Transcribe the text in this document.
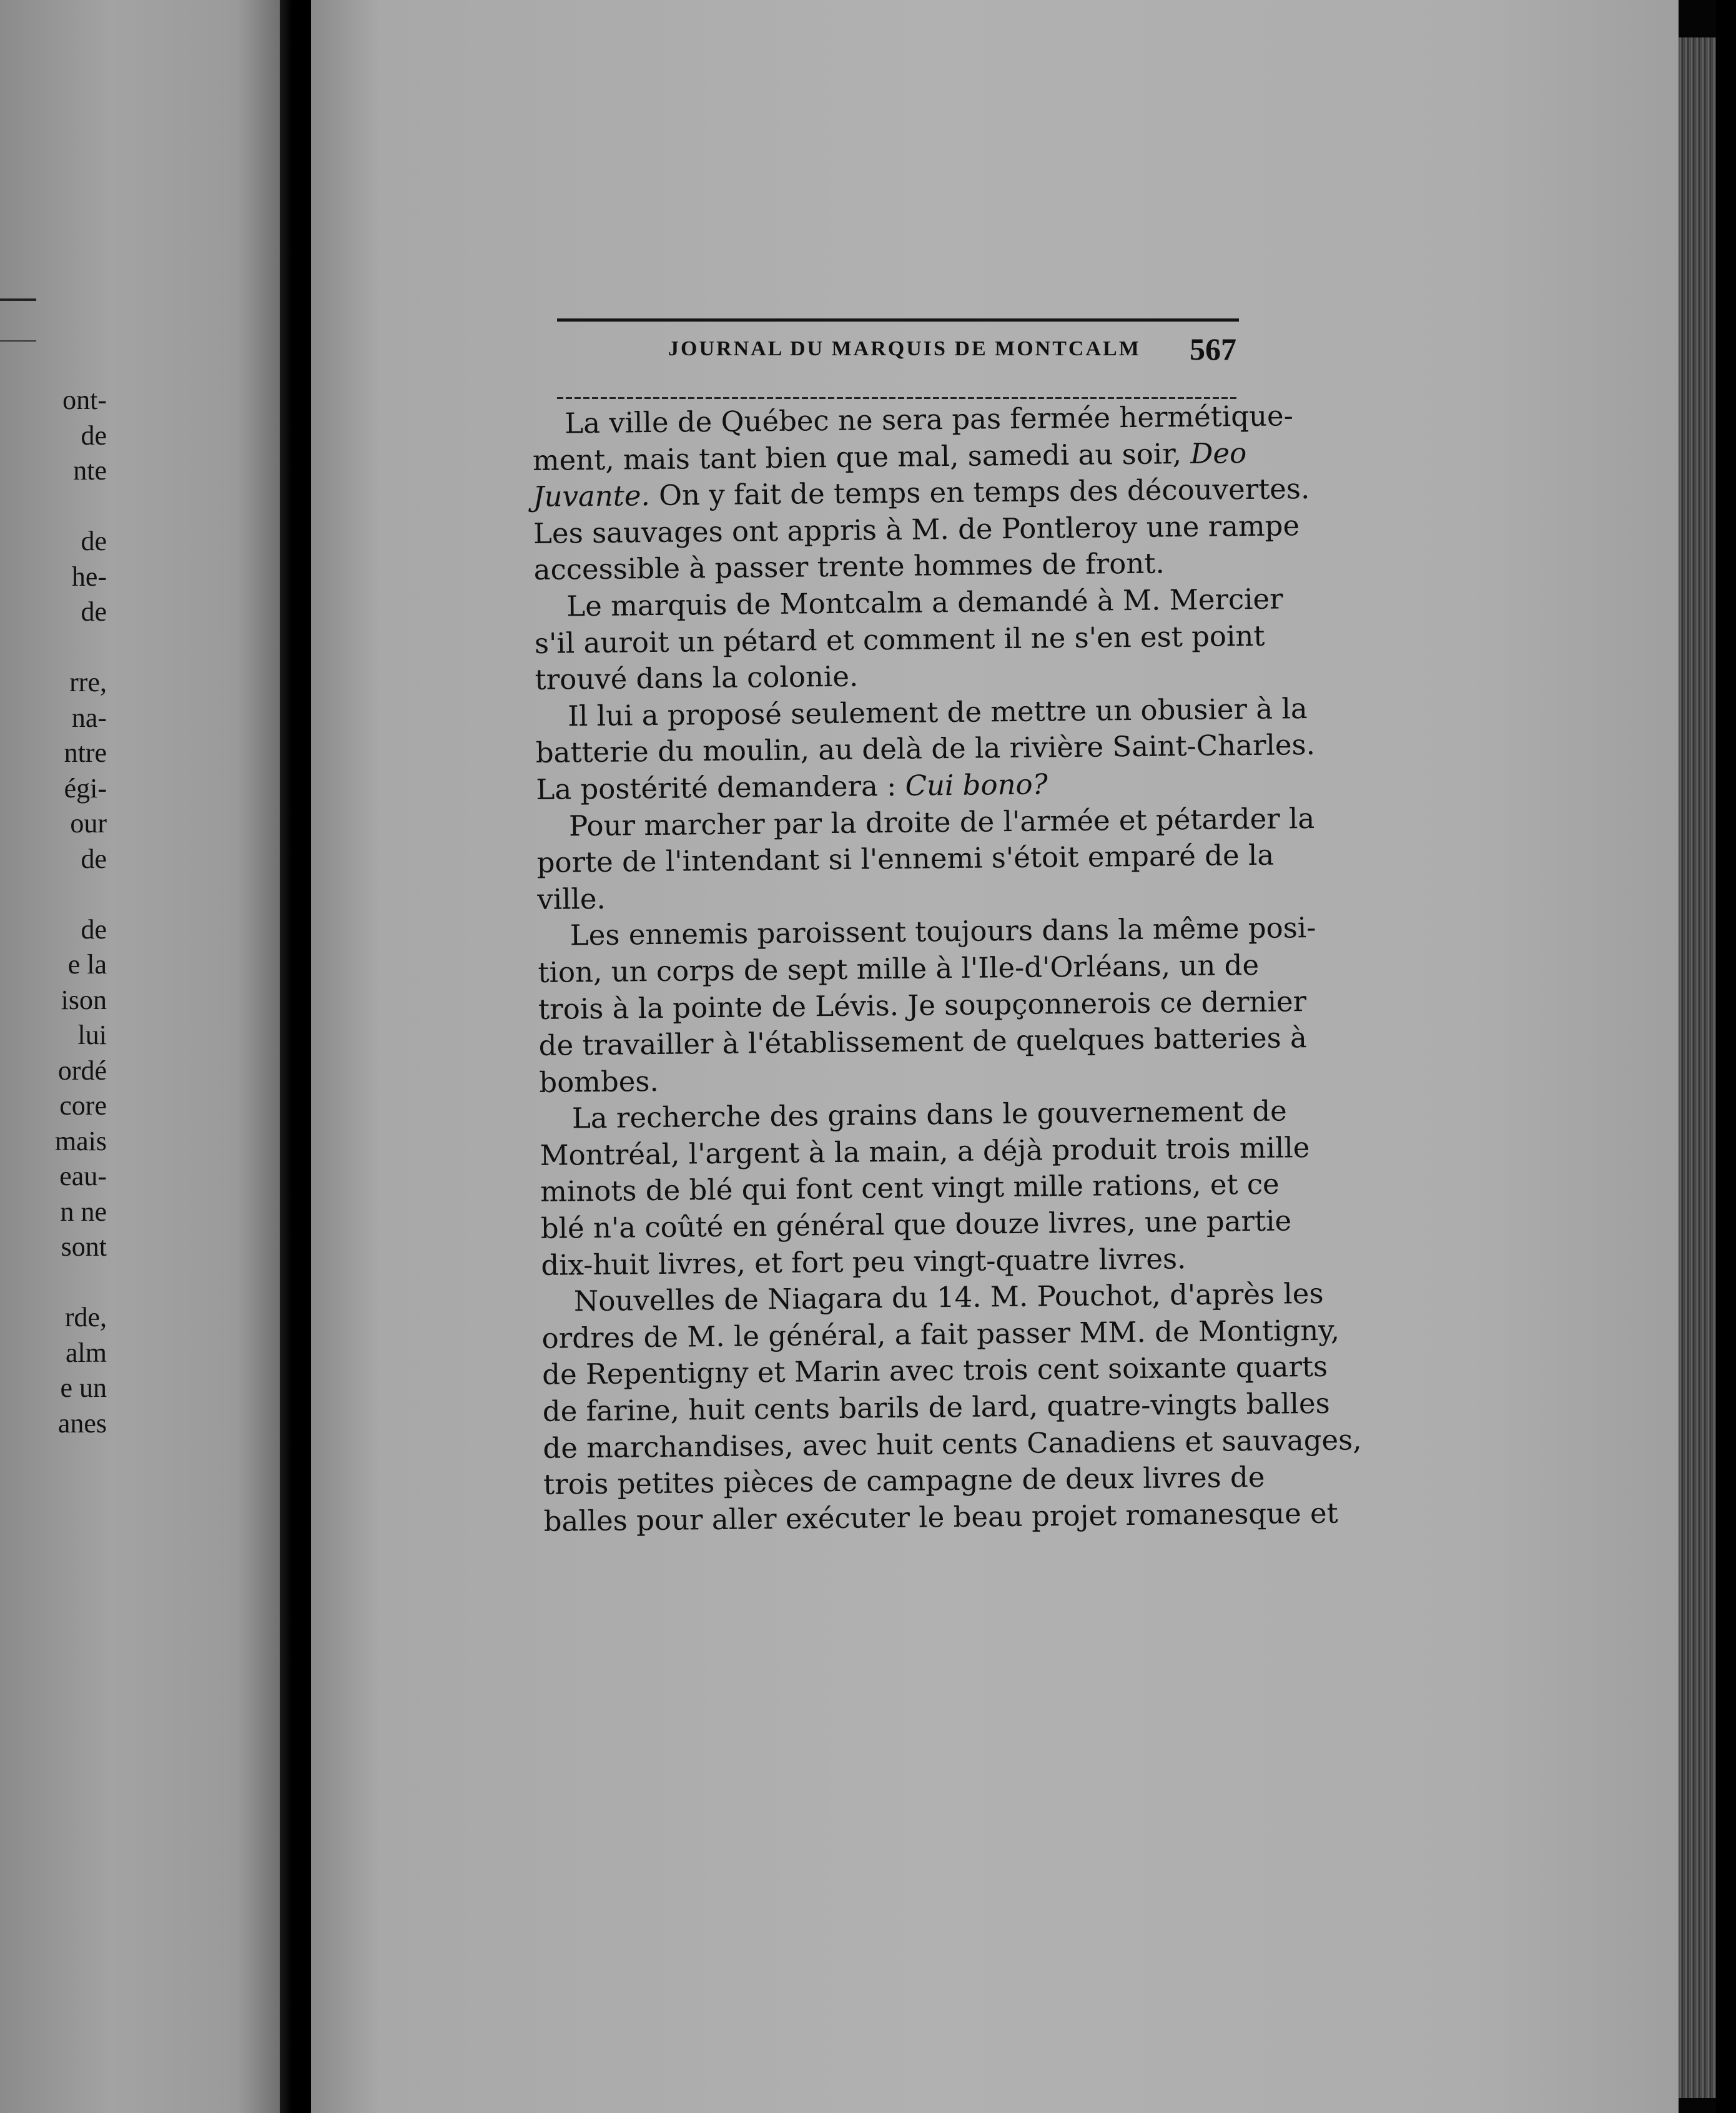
ont-
de
nte
de
he-
de
rre,
na-
ntre
égi-
our
de
de
e la
ison
lui
ordé
core
mais
eau-
n ne
sont
rde,
alm
e un
anes
JOURNAL DU MARQUIS DE MONTCALM 567
La ville de Québec ne sera pas fermée hermétique-
ment, mais tant bien que mal, samedi au soir, Deo
Juvante. On y fait de temps en temps des découvertes.
Les sauvages ont appris à M. de Pontleroy une rampe
accessible à passer trente hommes de front.
Le marquis de Montcalm a demandé à M. Mercier
s'il auroit un pétard et comment il ne s'en est point
trouvé dans la colonie.
Il lui a proposé seulement de mettre un obusier à la
batterie du moulin, au delà de la rivière Saint-Charles.
La postérité demandera : Cui bono?
Pour marcher par la droite de l'armée et pétarder la
porte de l'intendant si l'ennemi s'étoit emparé de la
ville.
Les ennemis paroissent toujours dans la même posi-
tion, un corps de sept mille à l'Ile-d'Orléans, un de
trois à la pointe de Lévis. Je soupçonnerois ce dernier
de travailler à l'établissement de quelques batteries à
bombes.
La recherche des grains dans le gouvernement de
Montréal, l'argent à la main, a déjà produit trois mille
minots de blé qui font cent vingt mille rations, et ce
blé n'a coûté en général que douze livres, une partie
dix-huit livres, et fort peu vingt-quatre livres.
Nouvelles de Niagara du 14. M. Pouchot, d'après les
ordres de M. le général, a fait passer MM. de Montigny,
de Repentigny et Marin avec trois cent soixante quarts
de farine, huit cents barils de lard, quatre-vingts balles
de marchandises, avec huit cents Canadiens et sauvages,
trois petites pièces de campagne de deux livres de
balles pour aller exécuter le beau projet romanesque et
